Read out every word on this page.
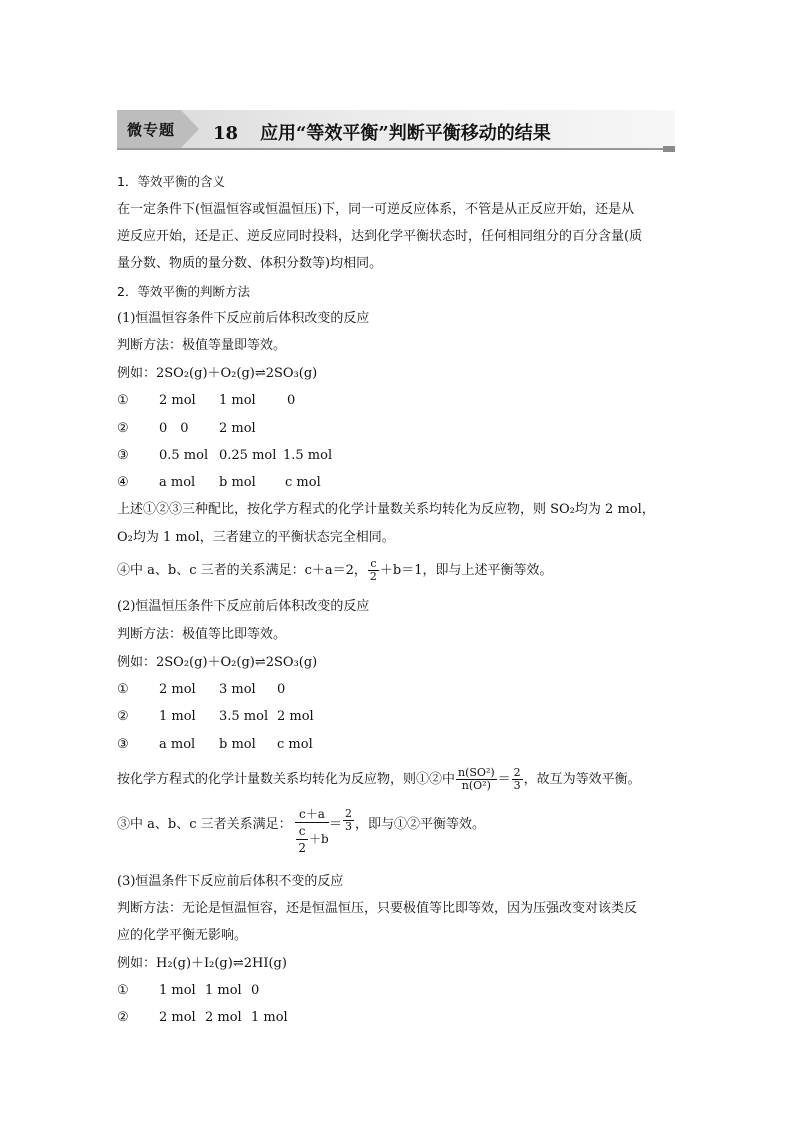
微专题 18 应用“等效平衡”判断平衡移动的结果
1．等效平衡的含义
在一定条件下(恒温恒容或恒温恒压)下，同一可逆反应体系，不管是从正反应开始，还是从
逆反应开始，还是正、逆反应同时投料，达到化学平衡状态时，任何相同组分的百分含量(质
量分数、物质的量分数、体积分数等)均相同。
2．等效平衡的判断方法
(1)恒温恒容条件下反应前后体积改变的反应
判断方法：极值等量即等效。
例如：2SO₂(g)＋O₂(g)⇌2SO₃(g)
① 2 mol 1 mol 0
② 0　0 2 mol
③ 0.5 mol 0.25 mol 1.5 mol
④ a mol b mol c mol
上述①②③三种配比，按化学方程式的化学计量数关系均转化为反应物，则 SO₂均为 2 mol，
O₂均为 1 mol，三者建立的平衡状态完全相同。
④中 a、b、c 三者的关系满足：c＋a＝2， $\frac{c}{2} +b=1$，即与上述平衡等效。
(2)恒温恒压条件下反应前后体积改变的反应
判断方法：极值等比即等效。
例如：2SO₂(g)＋O₂(g)⇌2SO₃(g)
① 2 mol 3 mol 0
② 1 mol 3.5 mol 2 mol
③ a mol b mol c mol
按化学方程式的化学计量数关系均转化为反应物，则①②中 $\frac{\text{n(SO²)}}{\text{n(O²)}} = \frac{2}{3}$ ，故互为等效平衡。
③中 a、b、c 三者关系满足： $\frac{c+a}{\frac{c}{2} +b} = \frac{2}{3}$ ，即与①②平衡等效。
(3)恒温条件下反应前后体积不变的反应
判断方法：无论是恒温恒容，还是恒温恒压，只要极值等比即等效，因为压强改变对该类反
应的化学平衡无影响。
例如：H₂(g)＋I₂(g)⇌2HI(g)
① 1 mol 1 mol 0
② 2 mol 2 mol 1 mol
